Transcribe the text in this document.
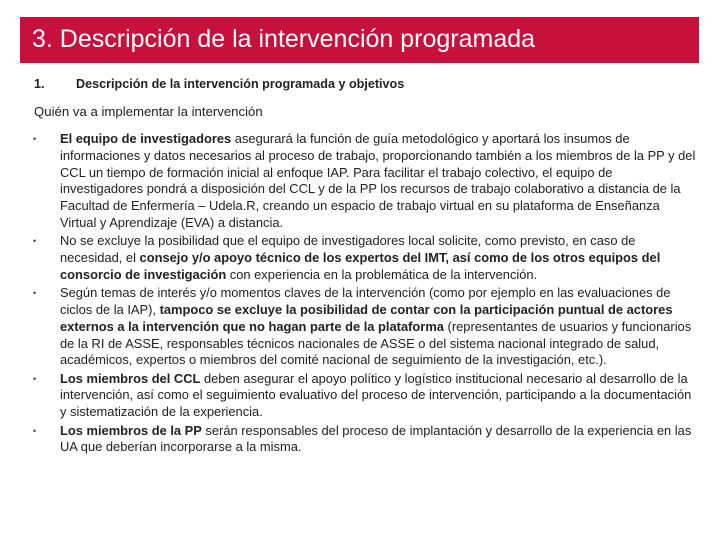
3. Descripción de la intervención programada
1. Descripción de la intervención programada y objetivos
Quién va a implementar la intervención
• El equipo de investigadores asegurará la función de guía metodológico y aportará los insumos de informaciones y datos necesarios al proceso de trabajo, proporcionando también a los miembros de la PP y del CCL un tiempo de formación inicial al enfoque IAP. Para facilitar el trabajo colectivo, el equipo de investigadores pondrá a disposición del CCL y de la PP los recursos de trabajo colaborativo a distancia de la Facultad de Enfermería – Udela.R, creando un espacio de trabajo virtual en su plataforma de Enseñanza Virtual y Aprendizaje (EVA) a distancia.
• No se excluye la posibilidad que el equipo de investigadores local solicite, como previsto, en caso de necesidad, el consejo y/o apoyo técnico de los expertos del IMT, así como de los otros equipos del consorcio de investigación con experiencia en la problemática de la intervención.
• Según temas de interés y/o momentos claves de la intervención (como por ejemplo en las evaluaciones de ciclos de la IAP), tampoco se excluye la posibilidad de contar con la participación puntual de actores externos a la intervención que no hagan parte de la plataforma (representantes de usuarios y funcionarios de la RI de ASSE, responsables técnicos nacionales de ASSE o del sistema nacional integrado de salud, académicos, expertos o miembros del comité nacional de seguimiento de la investigación, etc.).
• Los miembros del CCL deben asegurar el apoyo político y logístico institucional necesario al desarrollo de la intervención, así como el seguimiento evaluativo del proceso de intervención, participando a la documentación y sistematización de la experiencia.
• Los miembros de la PP serán responsables del proceso de implantación y desarrollo de la experiencia en las UA que deberían incorporarse a la misma.
